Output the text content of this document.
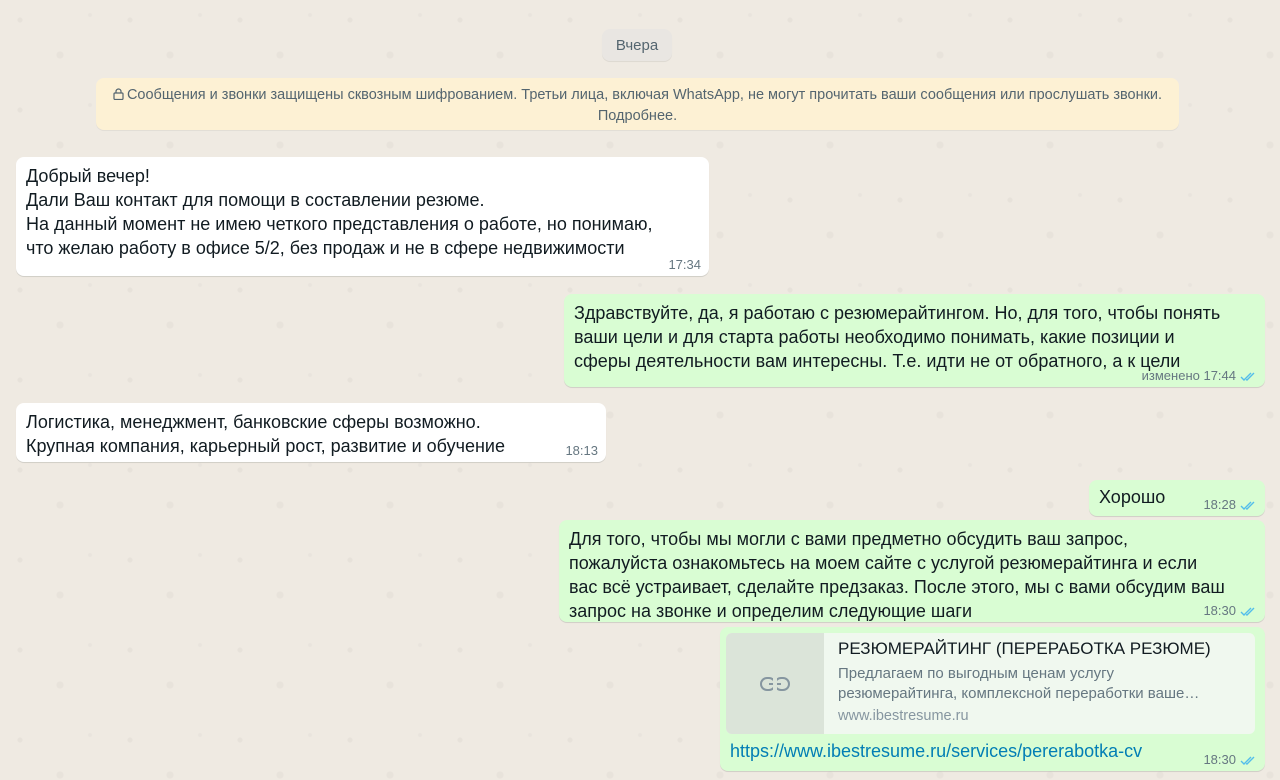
Вчера
Сообщения и звонки защищены сквозным шифрованием. Третьи лица, включая WhatsApp, не могут прочитать ваши сообщения или прослушать звонки. Подробнее.
Добрый вечер!
Дали Ваш контакт для помощи в составлении резюме.
На данный момент не имею четкого представления о работе, но понимаю,
что желаю работу в офисе 5/2, без продаж и не в сфере недвижимости
17:34
Здравствуйте, да, я работаю с резюмерайтингом. Но, для того, чтобы понять
ваши цели и для старта работы необходимо понимать, какие позиции и
сферы деятельности вам интересны. Т.е. идти не от обратного, а к цели
изменено 17:44
Логистика, менеджмент, банковские сферы возможно.
Крупная компания, карьерный рост, развитие и обучение	18:13
Хорошо	18:28
Для того, чтобы мы могли с вами предметно обсудить ваш запрос,
пожалуйста ознакомьтесь на моем сайте с услугой резюмерайтинга и если
вас всё устраивает, сделайте предзаказ. После этого, мы с вами обсудим ваш
запрос на звонке и определим следующие шаги	18:30
РЕЗЮМЕРАЙТИНГ (ПЕРЕРАБОТКА РЕЗЮМЕ)
Предлагаем по выгодным ценам услугу
резюмерайтинга, комплексной переработки ваше…
www.ibestresume.ru
https://www.ibestresume.ru/services/pererabotka-cv	18:30
